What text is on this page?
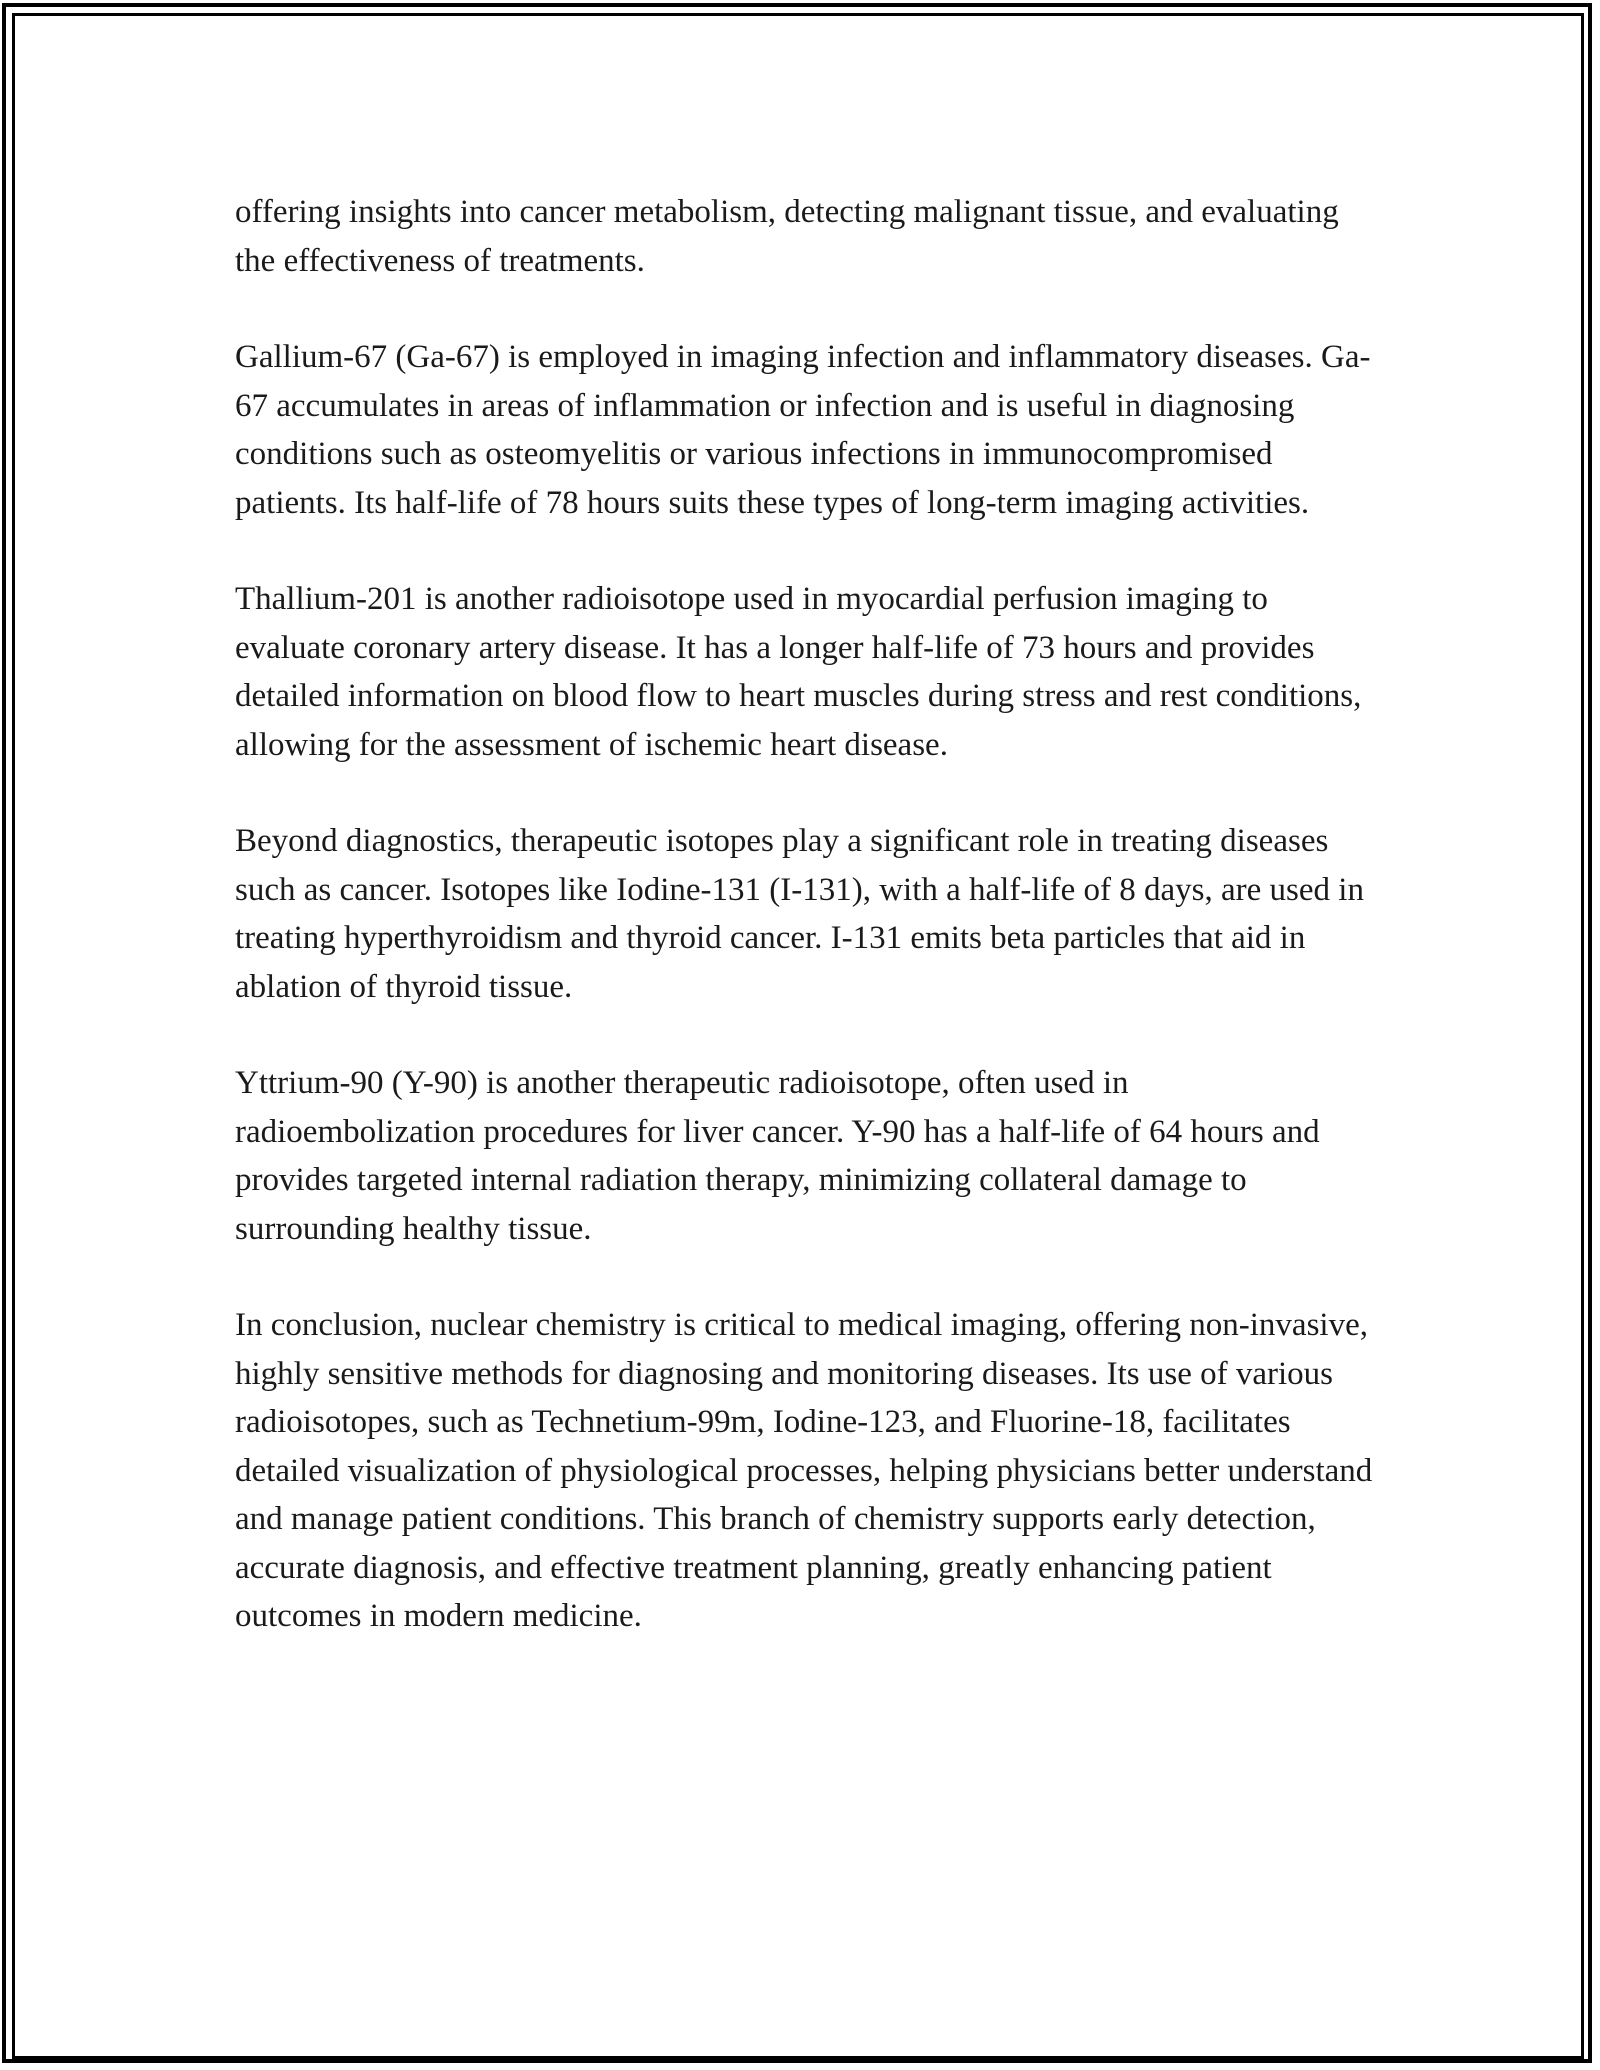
offering insights into cancer metabolism, detecting malignant tissue, and evaluating the effectiveness of treatments.

Gallium-67 (Ga-67) is employed in imaging infection and inflammatory diseases. Ga-67 accumulates in areas of inflammation or infection and is useful in diagnosing conditions such as osteomyelitis or various infections in immunocompromised patients. Its half-life of 78 hours suits these types of long-term imaging activities.

Thallium-201 is another radioisotope used in myocardial perfusion imaging to evaluate coronary artery disease. It has a longer half-life of 73 hours and provides detailed information on blood flow to heart muscles during stress and rest conditions, allowing for the assessment of ischemic heart disease.

Beyond diagnostics, therapeutic isotopes play a significant role in treating diseases such as cancer. Isotopes like Iodine-131 (I-131), with a half-life of 8 days, are used in treating hyperthyroidism and thyroid cancer. I-131 emits beta particles that aid in ablation of thyroid tissue.

Yttrium-90 (Y-90) is another therapeutic radioisotope, often used in radioembolization procedures for liver cancer. Y-90 has a half-life of 64 hours and provides targeted internal radiation therapy, minimizing collateral damage to surrounding healthy tissue.

In conclusion, nuclear chemistry is critical to medical imaging, offering non-invasive, highly sensitive methods for diagnosing and monitoring diseases. Its use of various radioisotopes, such as Technetium-99m, Iodine-123, and Fluorine-18, facilitates detailed visualization of physiological processes, helping physicians better understand and manage patient conditions. This branch of chemistry supports early detection, accurate diagnosis, and effective treatment planning, greatly enhancing patient outcomes in modern medicine.
